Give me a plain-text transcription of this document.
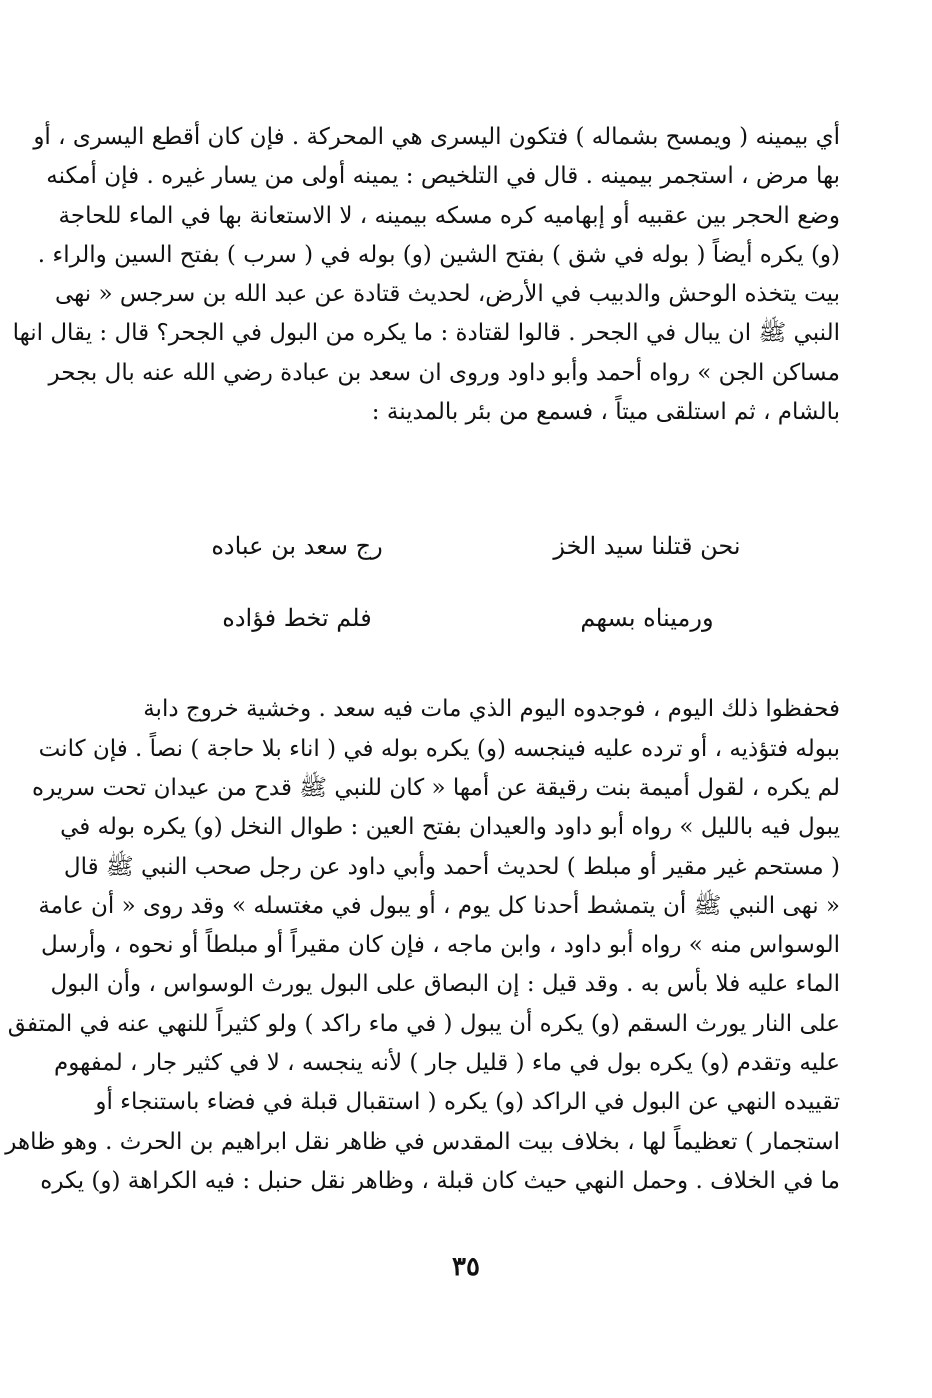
أي بيمينه ( ويمسح بشماله ) فتكون اليسرى هي المحركة . فإن كان أقطع اليسرى ، أو
بها مرض ، استجمر بيمينه . قال في التلخيص : يمينه أولى من يسار غيره . فإن أمكنه
وضع الحجر بين عقبيه أو إبهاميه كره مسكه بيمينه ، لا الاستعانة بها في الماء للحاجة
(و) يكره أيضاً ( بوله في شق ) بفتح الشين (و) بوله في ( سرب ) بفتح السين والراء .
بيت يتخذه الوحش والدبيب في الأرض، لحديث قتادة عن عبد الله بن سرجس « نهى
النبي ﷺ ان يبال في الجحر . قالوا لقتادة : ما يكره من البول في الجحر؟ قال : يقال انها
مساكن الجن » رواه أحمد وأبو داود وروى ان سعد بن عبادة رضي الله عنه بال بجحر
بالشام ، ثم استلقى ميتاً ، فسمع من بئر بالمدينة :
نحن قتلنا سيد الخز
رج سعد بن عباده
ورميناه بسهم
فلم تخط فؤاده
فحفظوا ذلك اليوم ، فوجدوه اليوم الذي مات فيه سعد . وخشية خروج دابة
ببوله فتؤذيه ، أو ترده عليه فينجسه (و) يكره بوله في ( اناء بلا حاجة ) نصاً . فإن كانت
لم يكره ، لقول أميمة بنت رقيقة عن أمها « كان للنبي ﷺ قدح من عيدان تحت سريره
يبول فيه بالليل » رواه أبو داود والعيدان بفتح العين : طوال النخل (و) يكره بوله في
( مستحم غير مقير أو مبلط ) لحديث أحمد وأبي داود عن رجل صحب النبي ﷺ قال
« نهى النبي ﷺ أن يتمشط أحدنا كل يوم ، أو يبول في مغتسله » وقد روى « أن عامة
الوسواس منه » رواه أبو داود ، وابن ماجه ، فإن كان مقيراً أو مبلطاً أو نحوه ، وأرسل
الماء عليه فلا بأس به . وقد قيل : إن البصاق على البول يورث الوسواس ، وأن البول
على النار يورث السقم (و) يكره أن يبول ( في ماء راكد ) ولو كثيراً للنهي عنه في المتفق
عليه وتقدم (و) يكره بول في ماء ( قليل جار ) لأنه ينجسه ، لا في كثير جار ، لمفهوم
تقييده النهي عن البول في الراكد (و) يكره ( استقبال قبلة في فضاء باستنجاء أو
استجمار ) تعظيماً لها ، بخلاف بيت المقدس في ظاهر نقل ابراهيم بن الحرث . وهو ظاهر
ما في الخلاف . وحمل النهي حيث كان قبلة ، وظاهر نقل حنبل : فيه الكراهة (و) يكره
٣٥
